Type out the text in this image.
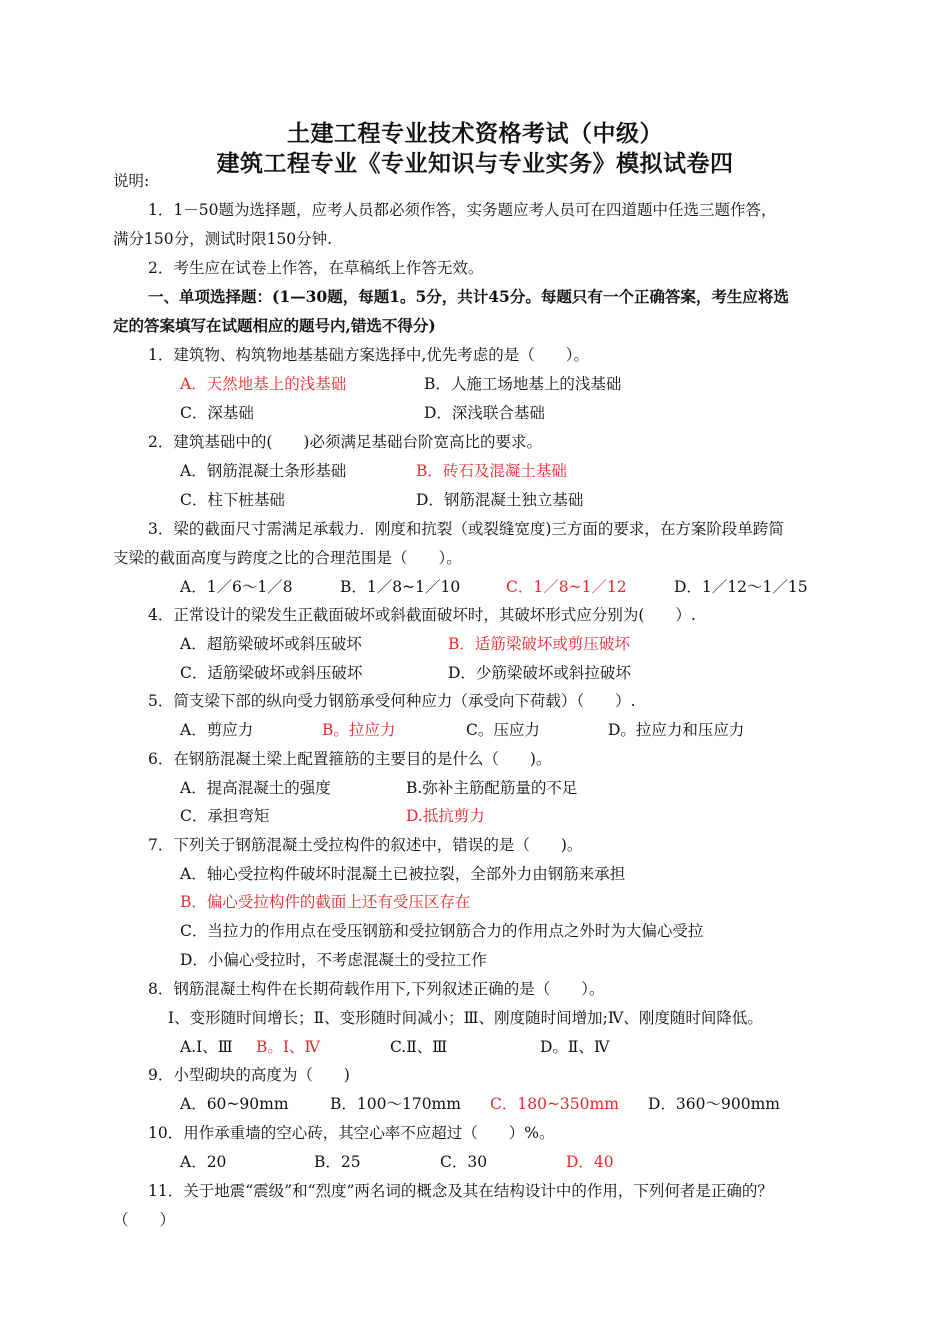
土建工程专业技术资格考试（中级）
建筑工程专业《专业知识与专业实务》模拟试卷四
说明:
1．1－50题为选择题，应考人员都必须作答，实务题应考人员可在四道题中任选三题作答，
满分150分，测试时限150分钟.
2．考生应在试卷上作答，在草稿纸上作答无效。
一、单项选择题：(1—30题，每题1。5分，共计45分。每题只有一个正确答案，考生应将选
定的答案填写在试题相应的题号内,错选不得分)
1．建筑物、构筑物地基基础方案选择中,优先考虑的是（　　）。
A．天然地基上的浅基础	B．人施工场地基上的浅基础
C．深基础	D．深浅联合基础
2．建筑基础中的(　　)必须满足基础台阶宽高比的要求。
A．钢筋混凝土条形基础	B．砖石及混凝土基础
C．柱下桩基础	D．钢筋混凝土独立基础
3．梁的截面尺寸需满足承载力．刚度和抗裂（或裂缝宽度)三方面的要求，在方案阶段单跨简
支梁的截面高度与跨度之比的合理范围是（　　）。
A．1／6～1／8	B．1／8~1／10	C．1／8~1／12	D．1／12～1／15
4．正常设计的梁发生正截面破坏或斜截面破坏时，其破坏形式应分别为(　　）.
A．超筋梁破坏或斜压破坏	B．适筋梁破坏或剪压破坏
C．适筋梁破坏或斜压破坏	D．少筋梁破坏或斜拉破坏
5．简支梁下部的纵向受力钢筋承受何种应力（承受向下荷载）（　　）.
A．剪应力	B。拉应力	C。压应力	D。拉应力和压应力
6．在钢筋混凝土梁上配置箍筋的主要目的是什么（　　)。
A．提高混凝土的强度	B.弥补主筋配筋量的不足
C．承担弯矩	D.抵抗剪力
7．下列关于钢筋混凝土受拉构件的叙述中，错误的是（　　)。
A．轴心受拉构件破坏时混凝土已被拉裂，全部外力由钢筋来承担
B．偏心受拉构件的截面上还有受压区存在
C．当拉力的作用点在受压钢筋和受拉钢筋合力的作用点之外时为大偏心受拉
D．小偏心受拉时，不考虑混凝土的受拉工作
8．钢筋混凝土构件在长期荷载作用下,下列叙述正确的是（　　）。
Ⅰ、变形随时间增长；Ⅱ、变形随时间减小；Ⅲ、刚度随时间增加;Ⅳ、刚度随时间降低。
A.Ⅰ、Ⅲ B。Ⅰ、Ⅳ	C.Ⅱ、Ⅲ	D。Ⅱ、Ⅳ
9．小型砌块的高度为（　　)
A．60~90mm	B．100～170mm C．180~350mm D．360～900mm
10．用作承重墙的空心砖，其空心率不应超过（　　）%。
A．20	B．25	C．30	D．40
11．关于地震“震级”和“烈度”两名词的概念及其在结构设计中的作用，下列何者是正确的？
（　　）
